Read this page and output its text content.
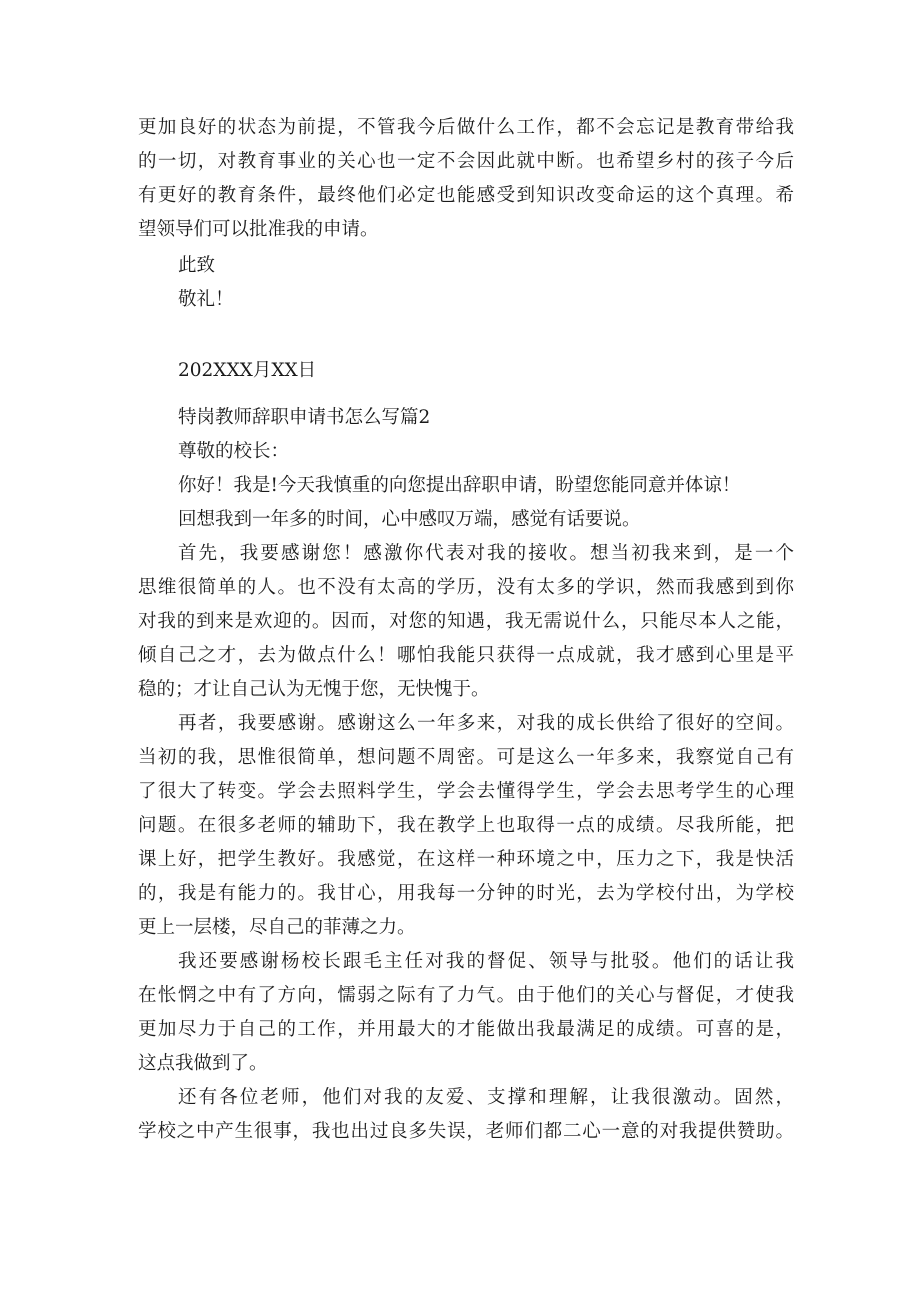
更加良好的状态为前提，不管我今后做什么工作，都不会忘记是教育带给我
的一切，对教育事业的关心也一定不会因此就中断。也希望乡村的孩子今后
有更好的教育条件，最终他们必定也能感受到知识改变命运的这个真理。希
望领导们可以批准我的申请。
此致
敬礼！
202XXX月XX日
特岗教师辞职申请书怎么写篇2
尊敬的校长：
你好！我是!今天我慎重的向您提出辞职申请，盼望您能同意并体谅！
回想我到一年多的时间，心中感叹万端，感觉有话要说。
首先，我要感谢您！感激你代表对我的接收。想当初我来到，是一个
思维很简单的人。也不没有太高的学历，没有太多的学识，然而我感到到你
对我的到来是欢迎的。因而，对您的知遇，我无需说什么，只能尽本人之能，
倾自己之才，去为做点什么！哪怕我能只获得一点成就，我才感到心里是平
稳的；才让自己认为无愧于您，无快愧于。
再者，我要感谢。感谢这么一年多来，对我的成长供给了很好的空间。
当初的我，思惟很简单，想问题不周密。可是这么一年多来，我察觉自己有
了很大了转变。学会去照料学生，学会去懂得学生，学会去思考学生的心理
问题。在很多老师的辅助下，我在教学上也取得一点的成绩。尽我所能，把
课上好，把学生教好。我感觉，在这样一种环境之中，压力之下，我是快活
的，我是有能力的。我甘心，用我每一分钟的时光，去为学校付出，为学校
更上一层楼，尽自己的菲薄之力。
我还要感谢杨校长跟毛主任对我的督促、领导与批驳。他们的话让我
在怅惘之中有了方向，懦弱之际有了力气。由于他们的关心与督促，才使我
更加尽力于自己的工作，并用最大的才能做出我最满足的成绩。可喜的是，
这点我做到了。
还有各位老师，他们对我的友爱、支撑和理解，让我很激动。固然，
学校之中产生很事，我也出过良多失误，老师们都二心一意的对我提供赞助。
